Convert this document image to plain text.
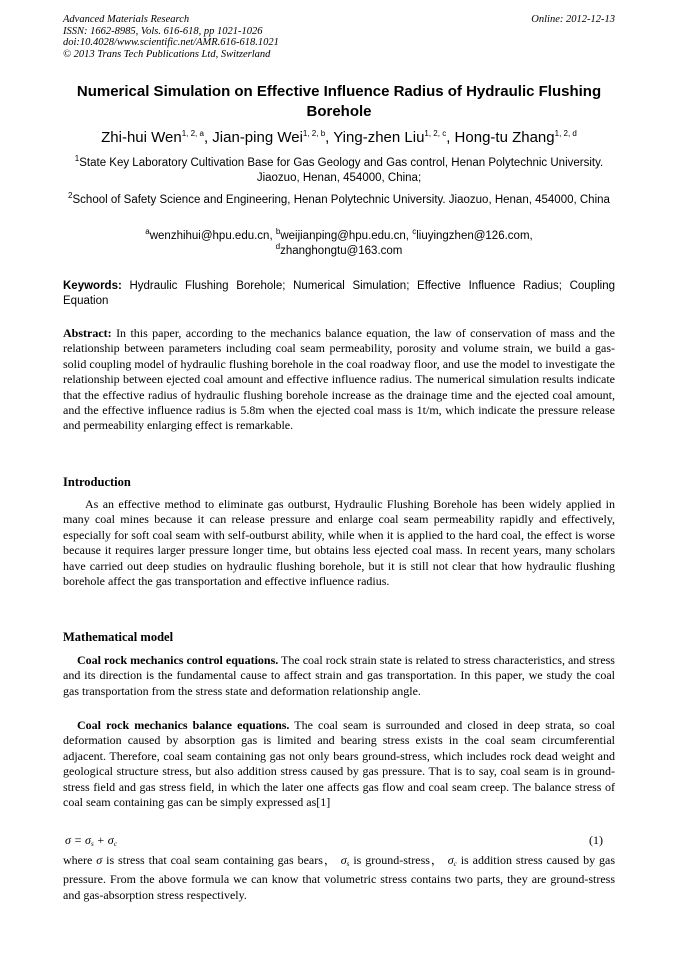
Advanced Materials Research
ISSN: 1662-8985, Vols. 616-618, pp 1021-1026
doi:10.4028/www.scientific.net/AMR.616-618.1021
© 2013 Trans Tech Publications Ltd, Switzerland
Online: 2012-12-13
Numerical Simulation on Effective Influence Radius of Hydraulic Flushing Borehole
Zhi-hui Wen$^{1, 2, a}$, Jian-ping Wei$^{1, 2, b}$, Ying-zhen Liu$^{1, 2, c}$, Hong-tu Zhang$^{1, 2, d}$
$^1$State Key Laboratory Cultivation Base for Gas Geology and Gas control, Henan Polytechnic University. Jiaozuo, Henan, 454000, China;
$^2$School of Safety Science and Engineering, Henan Polytechnic University. Jiaozuo, Henan, 454000, China
$^a$wenzhihui@hpu.edu.cn, $^b$weijianping@hpu.edu.cn, $^c$liuyingzhen@126.com,
$^d$zhanghongtu@163.com
Keywords: Hydraulic Flushing Borehole; Numerical Simulation; Effective Influence Radius; Coupling Equation
Abstract: In this paper, according to the mechanics balance equation, the law of conservation of mass and the relationship between parameters including coal seam permeability, porosity and volume strain, we build a gas-solid coupling model of hydraulic flushing borehole in the coal roadway floor, and use the model to investigate the relationship between ejected coal amount and effective influence radius. The numerical simulation results indicate that the effective radius of hydraulic flushing borehole increase as the drainage time and the ejected coal amount, and the effective influence radius is 5.8m when the ejected coal mass is 1t/m, which indicate the pressure release and permeability enlarging effect is remarkable.
Introduction
As an effective method to eliminate gas outburst, Hydraulic Flushing Borehole has been widely applied in many coal mines because it can release pressure and enlarge coal seam permeability rapidly and effectively, especially for soft coal seam with self-outburst ability, while when it is applied to the hard coal, the effect is worse because it requires larger pressure longer time, but obtains less ejected coal mass. In recent years, many scholars have carried out deep studies on hydraulic flushing borehole, but it is still not clear that how hydraulic flushing borehole affect the gas transportation and effective influence radius.
Mathematical model
Coal rock mechanics control equations. The coal rock strain state is related to stress characteristics, and stress and its direction is the fundamental cause to affect strain and gas transportation. In this paper, we study the coal gas transportation from the stress state and deformation relationship angle.
Coal rock mechanics balance equations. The coal seam is surrounded and closed in deep strata, so coal deformation caused by absorption gas is limited and bearing stress exists in the coal seam circumferential adjacent. Therefore, coal seam containing gas not only bears ground-stress, which includes rock dead weight and geological structure stress, but also addition stress caused by gas pressure. That is to say, coal seam is in ground-stress field and gas stress field, in which the later one affects gas flow and coal seam creep. The balance stress of coal seam containing gas can be simply expressed as[1]
$\sigma = \sigma_s + \sigma_c$	(1)
where σ is stress that coal seam containing gas bears， $\sigma_s$ is ground-stress， $\sigma_c$ is addition stress caused by gas pressure. From the above formula we can know that volumetric stress contains two parts, they are ground-stress and gas-absorption stress respectively.
